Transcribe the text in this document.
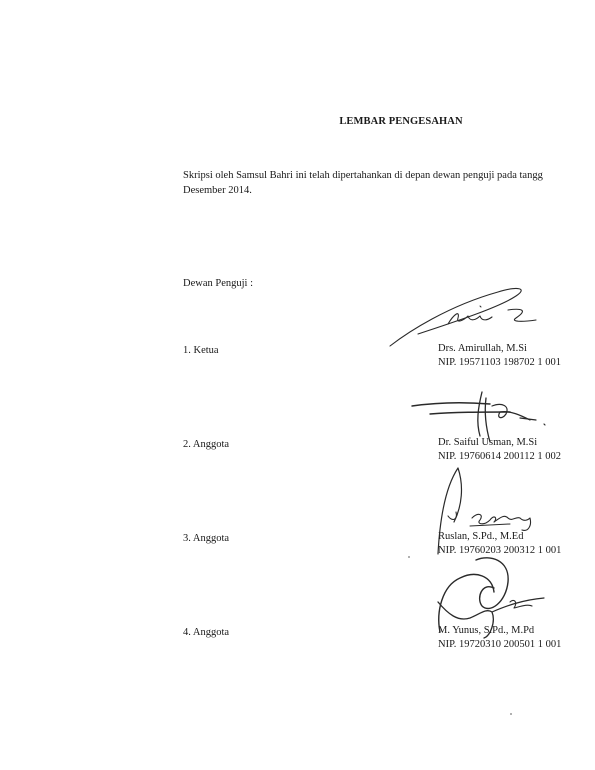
LEMBAR PENGESAHAN
Skripsi oleh Samsul Bahri ini telah dipertahankan di depan dewan penguji pada tangg
Desember 2014.
Dewan Penguji :
1. Ketua	Drs. Amirullah, M.Si
NIP. 19571103 198702 1 001
2. Anggota	Dr. Saiful Usman, M.Si
NIP. 19760614 200112 1 002
3. Anggota	Ruslan, S.Pd., M.Ed
NIP. 19760203 200312 1 001
4. Anggota	M. Yunus, S.Pd., M.Pd
NIP. 19720310 200501 1 001
